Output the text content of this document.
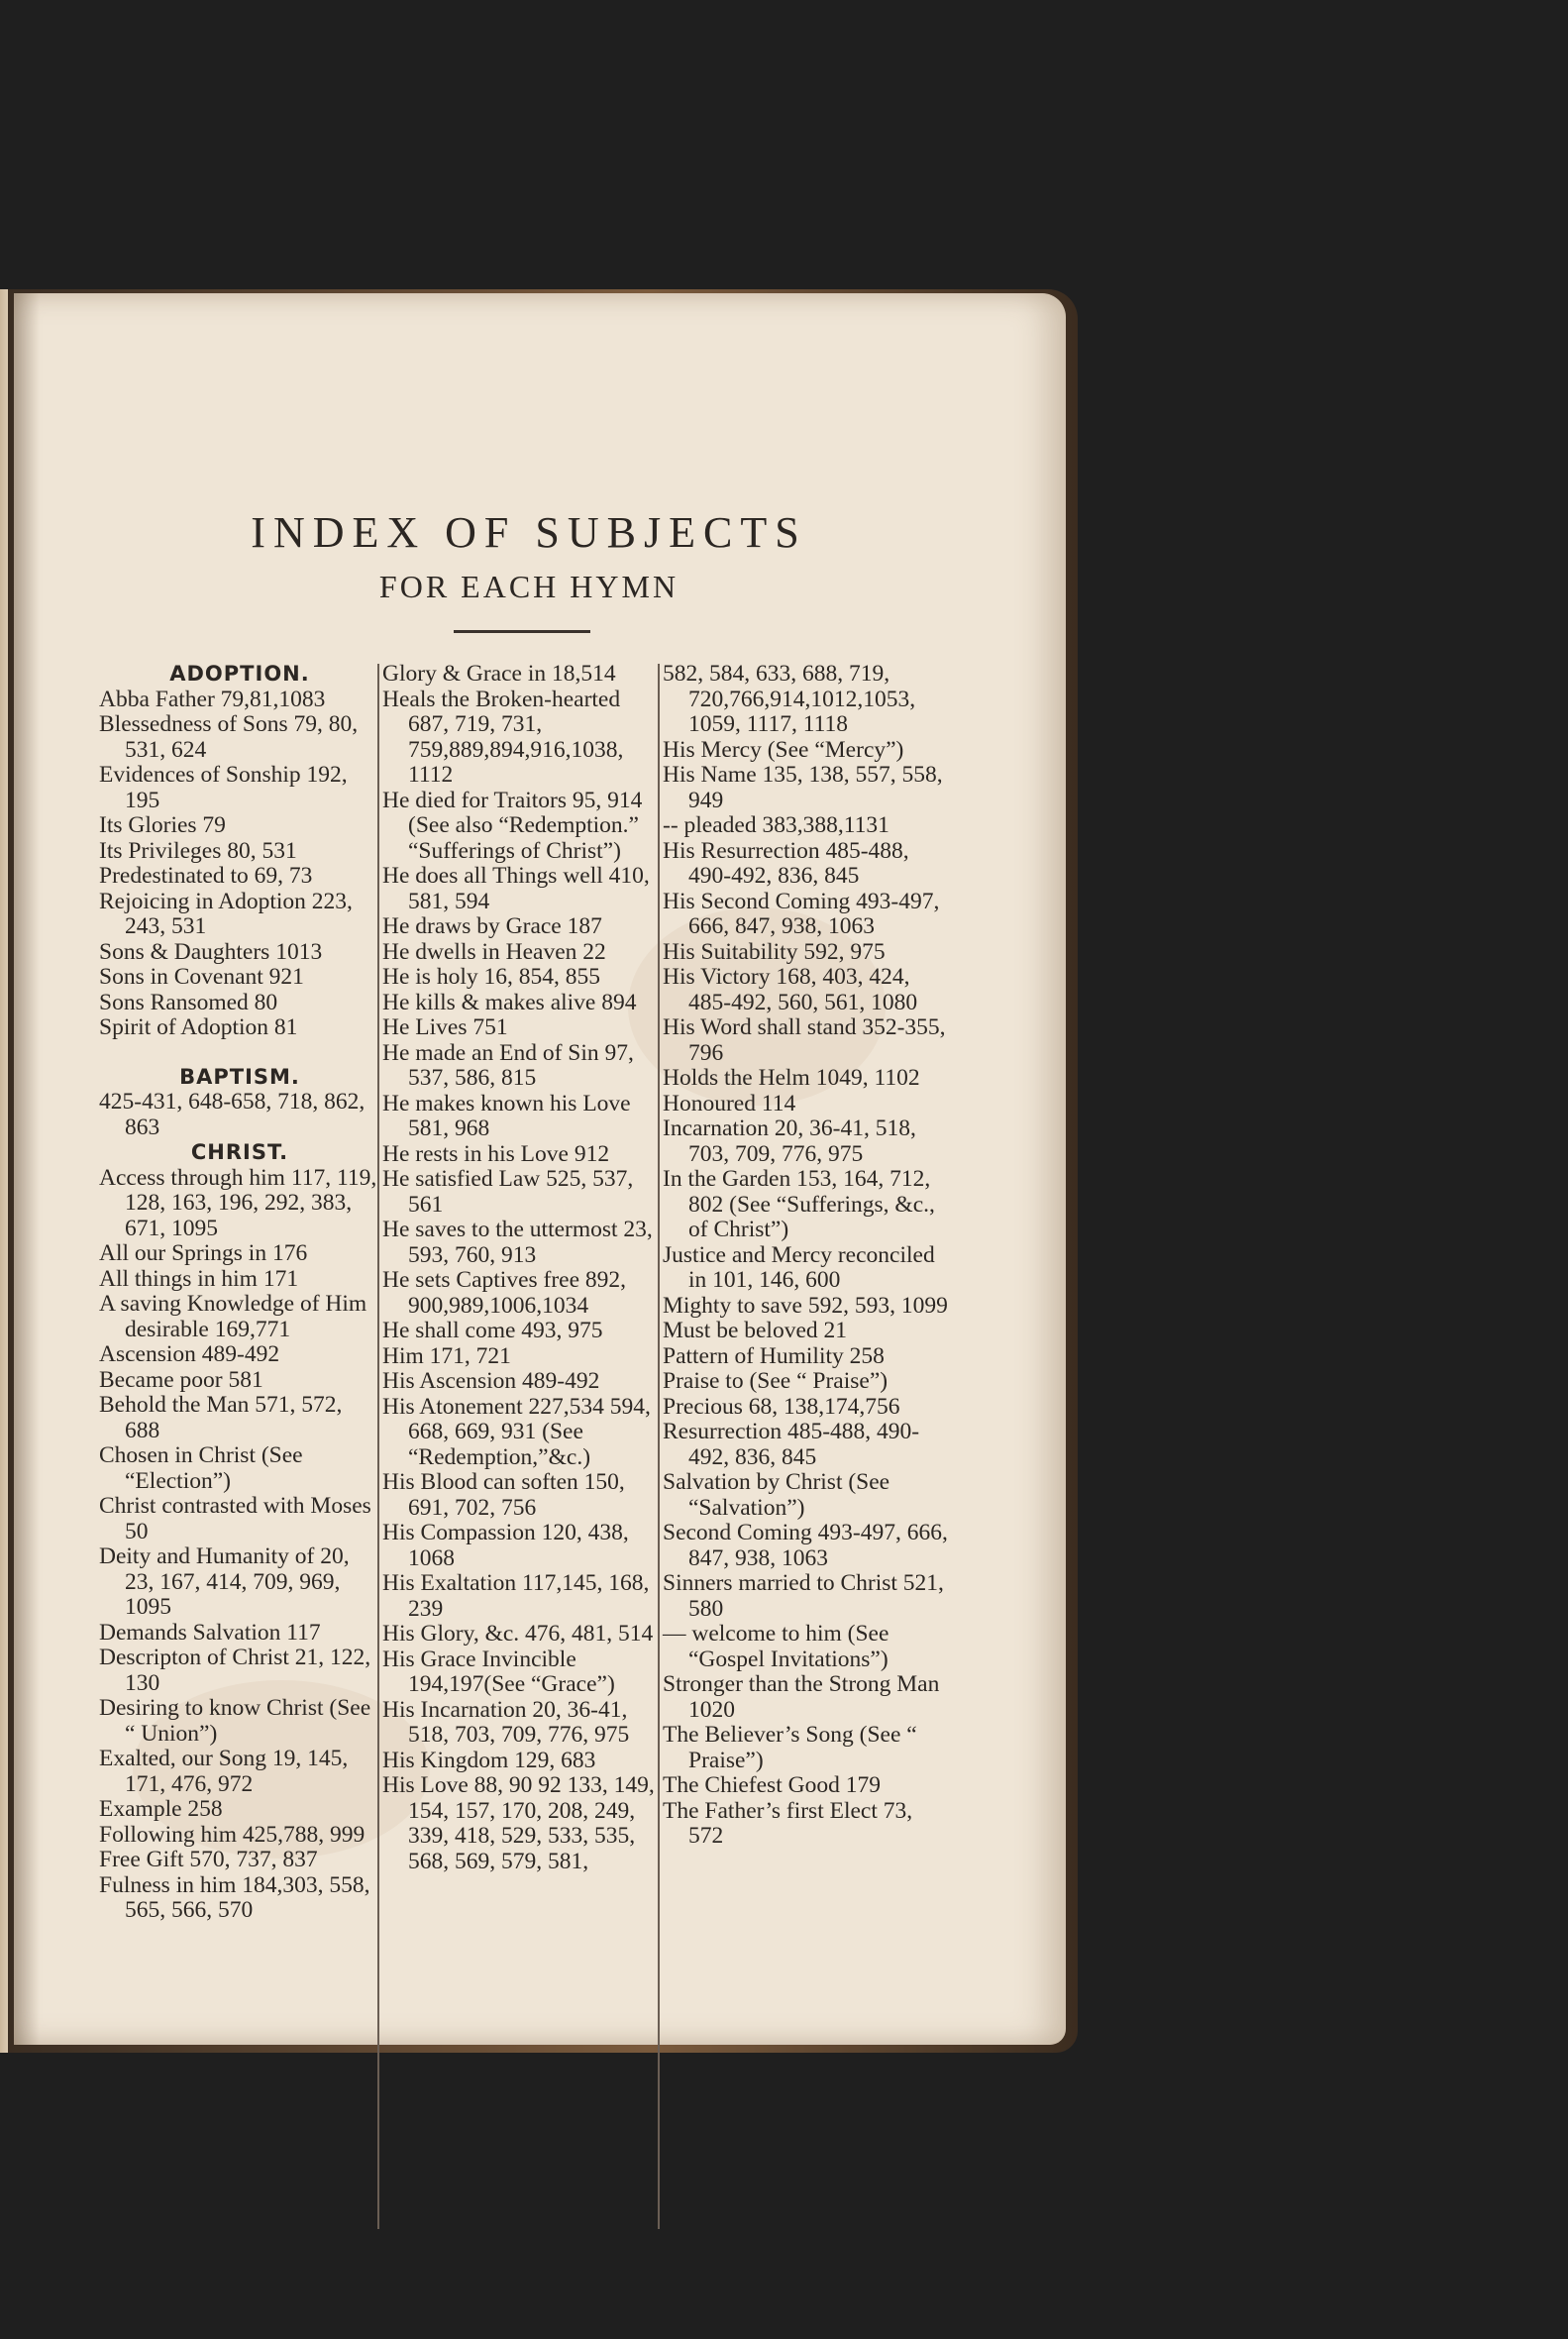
INDEX OF SUBJECTS
FOR EACH HYMN
ADOPTION.
Abba Father 79,81,1083
Blessedness of Sons 79, 80, 531, 624
Evidences of Sonship 192, 195
Its Glories 79
Its Privileges 80, 531
Predestinated to 69, 73
Rejoicing in Adoption 223, 243, 531
Sons & Daughters 1013
Sons in Covenant 921
Sons Ransomed 80
Spirit of Adoption 81
BAPTISM.
425-431, 648-658, 718, 862, 863
CHRIST.
Access through him 117, 119, 128, 163, 196, 292, 383, 671, 1095
All our Springs in 176
All things in him 171
A saving Knowledge of Him desirable 169,771
Ascension 489-492
Became poor 581
Behold the Man 571, 572, 688
Chosen in Christ (See “Election”)
Christ contrasted with Moses 50
Deity and Humanity of 20, 23, 167, 414, 709, 969, 1095
Demands Salvation 117
Descripton of Christ 21, 122, 130
Desiring to know Christ (See “ Union”)
Exalted, our Song 19, 145, 171, 476, 972
Example 258
Following him 425,788, 999
Free Gift 570, 737, 837
Fulness in him 184,303, 558, 565, 566, 570
Glory & Grace in 18,514
Heals the Broken-hearted 687, 719, 731, 759,889,894,916,1038, 1112
He died for Traitors 95, 914 (See also “Redemption.” “Sufferings of Christ”)
He does all Things well 410, 581, 594
He draws by Grace 187
He dwells in Heaven 22
He is holy 16, 854, 855
He kills & makes alive 894
He Lives 751
He made an End of Sin 97, 537, 586, 815
He makes known his Love 581, 968
He rests in his Love 912
He satisfied Law 525, 537, 561
He saves to the uttermost 23, 593, 760, 913
He sets Captives free 892, 900,989,1006,1034
He shall come 493, 975
Him 171, 721
His Ascension 489-492
His Atonement 227,534 594, 668, 669, 931 (See “Redemption,”&c.)
His Blood can soften 150, 691, 702, 756
His Compassion 120, 438, 1068
His Exaltation 117,145, 168, 239
His Glory, &c. 476, 481, 514
His Grace Invincible 194,197(See “Grace”)
His Incarnation 20, 36-41, 518, 703, 709, 776, 975
His Kingdom 129, 683
His Love 88, 90 92 133, 149, 154, 157, 170, 208, 249, 339, 418, 529, 533, 535, 568, 569, 579, 581,
582, 584, 633, 688, 719, 720,766,914,1012,1053, 1059, 1117, 1118
His Mercy (See “Mercy”)
His Name 135, 138, 557, 558, 949
-- pleaded 383,388,1131
His Resurrection 485-488, 490-492, 836, 845
His Second Coming 493-497, 666, 847, 938, 1063
His Suitability 592, 975
His Victory 168, 403, 424, 485-492, 560, 561, 1080
His Word shall stand 352-355, 796
Holds the Helm 1049, 1102
Honoured 114
Incarnation 20, 36-41, 518, 703, 709, 776, 975
In the Garden 153, 164, 712, 802 (See “Sufferings, &c., of Christ”)
Justice and Mercy reconciled in 101, 146, 600
Mighty to save 592, 593, 1099
Must be beloved 21
Pattern of Humility 258
Praise to (See “ Praise”)
Precious 68, 138,174,756
Resurrection 485-488, 490-492, 836, 845
Salvation by Christ (See “Salvation”)
Second Coming 493-497, 666, 847, 938, 1063
Sinners married to Christ 521, 580
— welcome to him (See “Gospel Invitations”)
Stronger than the Strong Man 1020
The Believer’s Song (See “ Praise”)
The Chiefest Good 179
The Father’s first Elect 73, 572
